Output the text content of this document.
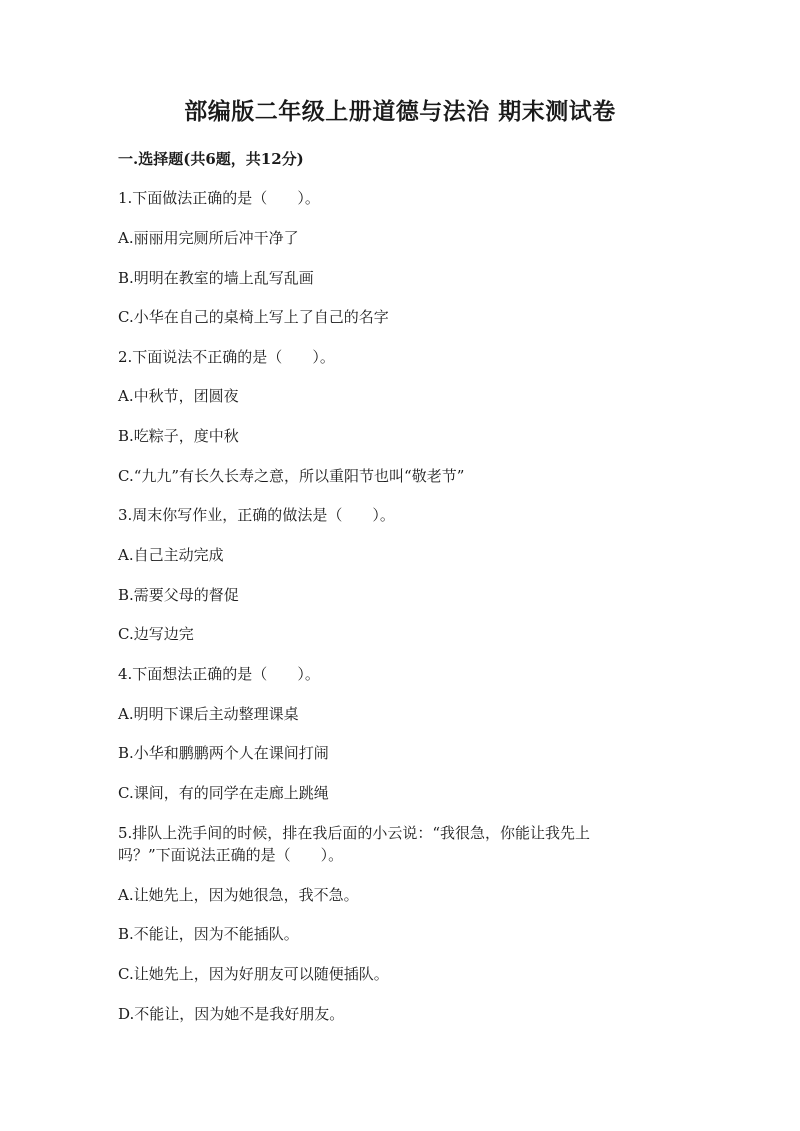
部编版二年级上册道德与法治 期末测试卷
一.选择题(共6题，共12分)
1.下面做法正确的是（　　）。
A.丽丽用完厕所后冲干净了
B.明明在教室的墙上乱写乱画
C.小华在自己的桌椅上写上了自己的名字
2.下面说法不正确的是（　　）。
A.中秋节，团圆夜
B.吃粽子，度中秋
C.“九九”有长久长寿之意，所以重阳节也叫“敬老节”
3.周末你写作业，正确的做法是（　　）。
A.自己主动完成
B.需要父母的督促
C.边写边完
4.下面想法正确的是（　　）。
A.明明下课后主动整理课桌
B.小华和鹏鹏两个人在课间打闹
C.课间，有的同学在走廊上跳绳
5.排队上洗手间的时候，排在我后面的小云说：“我很急，你能让我先上
吗？”下面说法正确的是（　　）。
A.让她先上，因为她很急，我不急。
B.不能让，因为不能插队。
C.让她先上，因为好朋友可以随便插队。
D.不能让，因为她不是我好朋友。
